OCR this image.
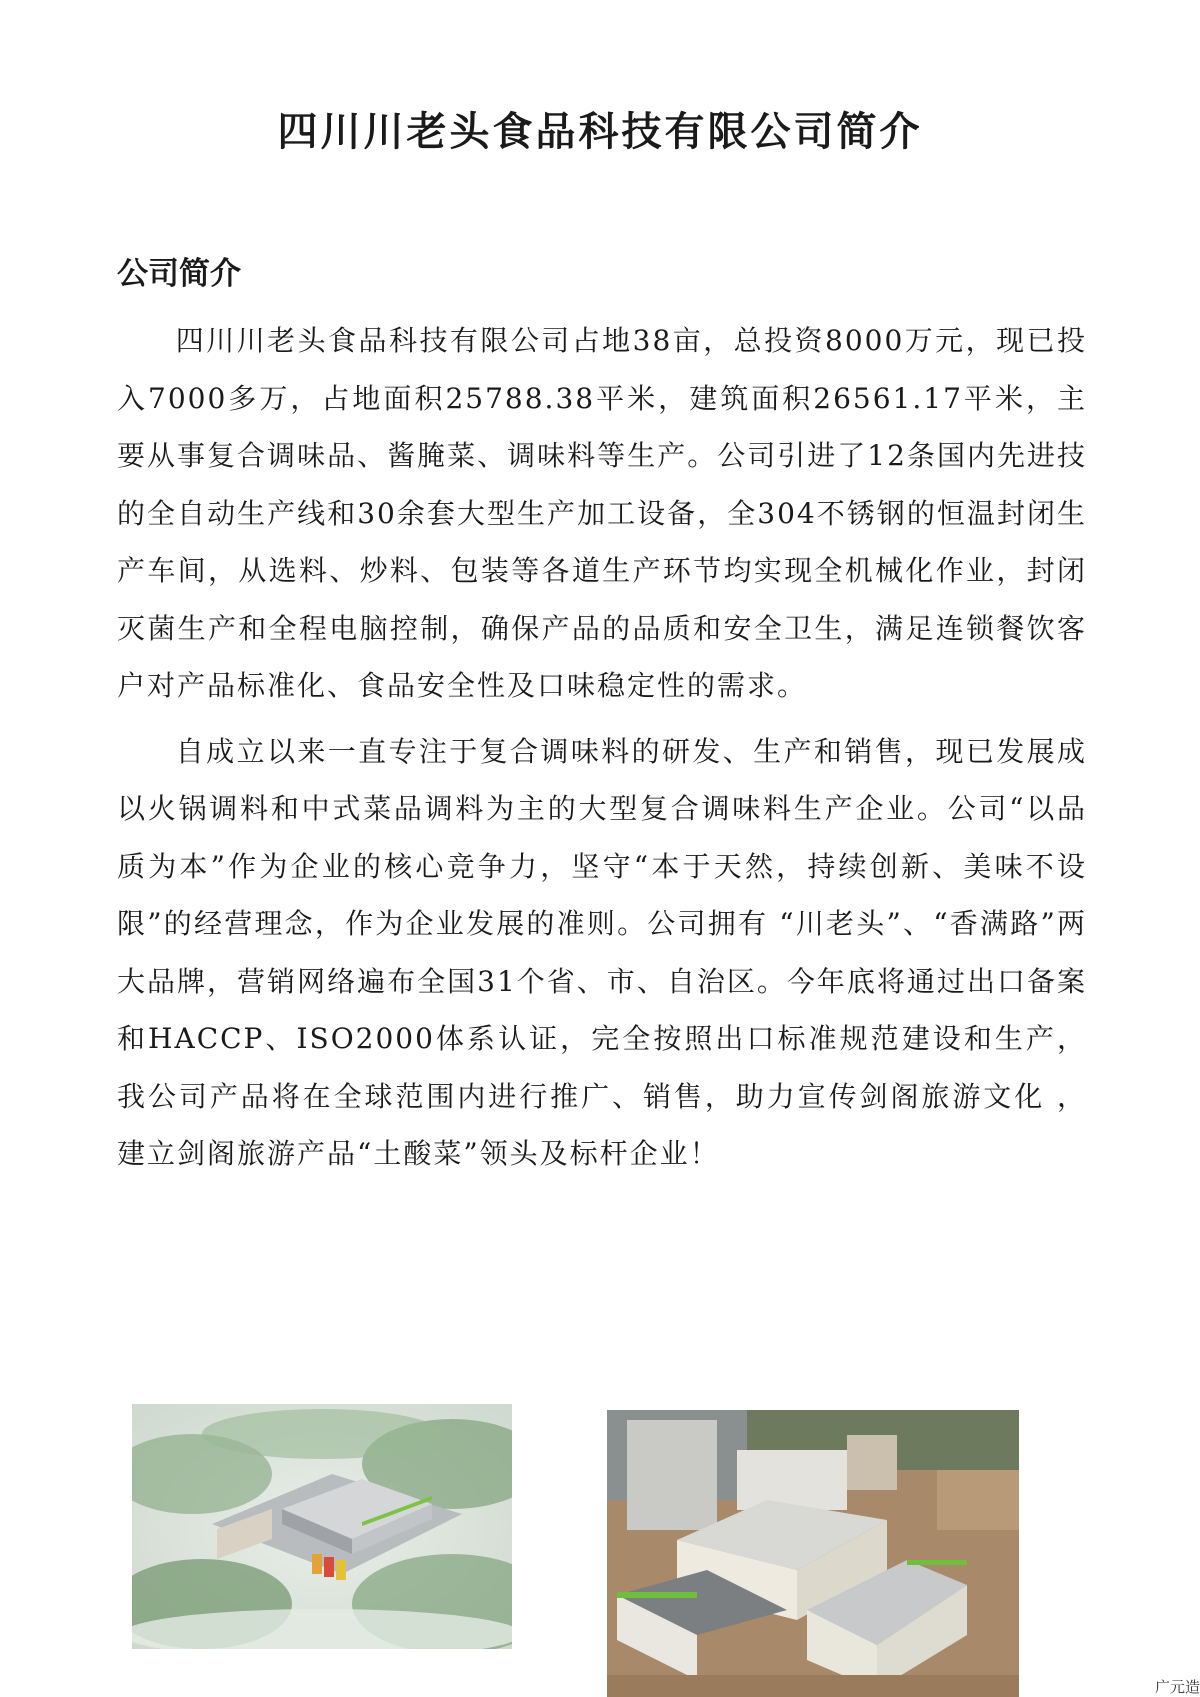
四川川老头食品科技有限公司简介
公司简介

四川川老头食品科技有限公司占地38亩，总投资8000万元，现已投入7000多万，占地面积25788.38平米，建筑面积26561.17平米，主要从事复合调味品、酱腌菜、调味料等生产。公司引进了12条国内先进技的全自动生产线和30余套大型生产加工设备，全304不锈钢的恒温封闭生产车间，从选料、炒料、包装等各道生产环节均实现全机械化作业，封闭灭菌生产和全程电脑控制，确保产品的品质和安全卫生，满足连锁餐饮客户对产品标准化、食品安全性及口味稳定性的需求。

自成立以来一直专注于复合调味料的研发、生产和销售，现已发展成以火锅调料和中式菜品调料为主的大型复合调味料生产企业。公司“以品质为本”作为企业的核心竞争力，坚守“本于天然，持续创新、美味不设限”的经营理念，作为企业发展的准则。公司拥有 “川老头”、“香满路”两大品牌，营销网络遍布全国31个省、市、自治区。今年底将通过出口备案和HACCP、ISO2000体系认证，完全按照出口标准规范建设和生产，我公司产品将在全球范围内进行推广、销售，助力宣传剑阁旅游文化 ，建立剑阁旅游产品“土酸菜”领头及标杆企业！

广元造
